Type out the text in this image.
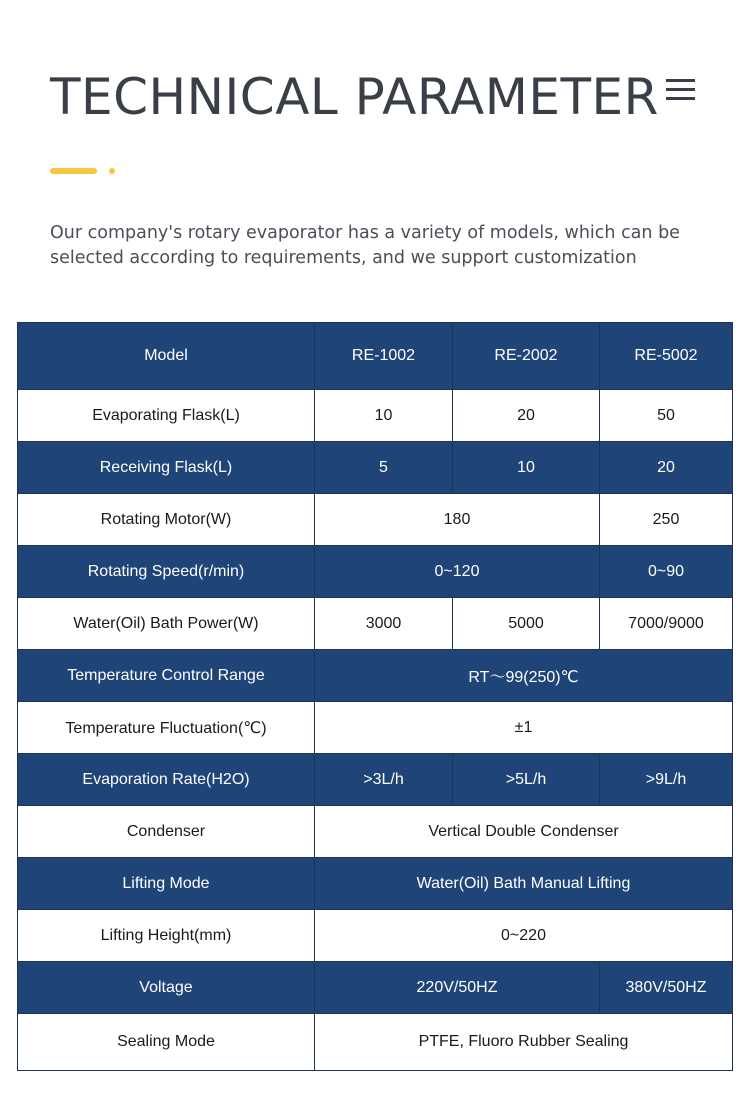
TECHNICAL PARAMETER

Our company's rotary evaporator has a variety of models, which can be selected according to requirements, and we support customization

Model	RE-1002	RE-2002	RE-5002
Evaporating Flask(L)	10	20	50
Receiving Flask(L)	5	10	20
Rotating Motor(W)	180		250
Rotating Speed(r/min)	0~120		0~90
Water(Oil) Bath Power(W)	3000	5000	7000/9000
Temperature Control Range	RT～99(250)℃		
Temperature Fluctuation(℃)	±1		
Evaporation Rate(H2O)	>3L/h	>5L/h	>9L/h
Condenser	Vertical Double Condenser		
Lifting Mode	Water(Oil) Bath Manual Lifting		
Lifting Height(mm)	0~220		
Voltage	220V/50HZ		380V/50HZ
Sealing Mode	PTFE, Fluoro Rubber Sealing		
